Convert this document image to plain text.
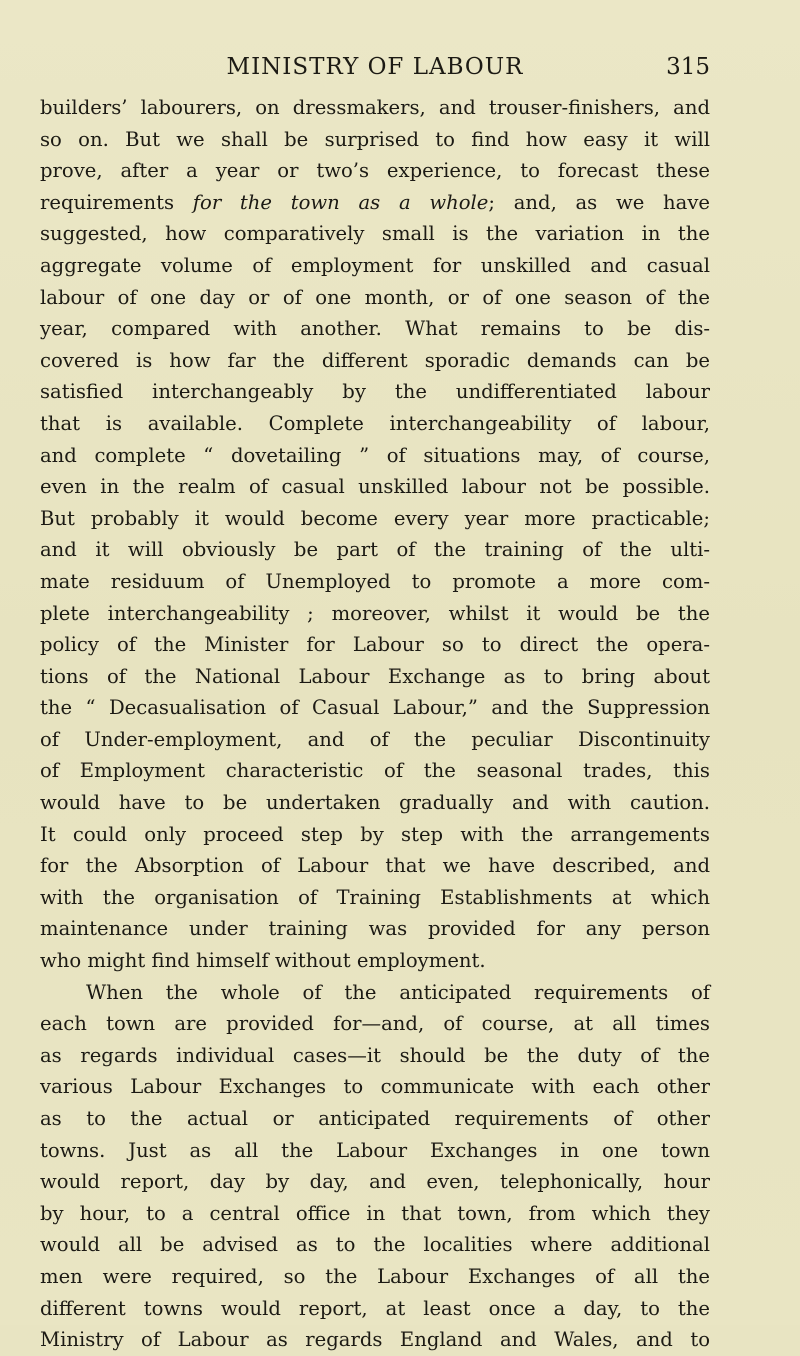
MINISTRY OF LABOUR	315
builders’ labourers, on dressmakers, and trouser-finishers, and
so on. But we shall be surprised to find how easy it will
prove, after a year or two’s experience, to forecast these
requirements for the town as a whole; and, as we have
suggested, how comparatively small is the variation in the
aggregate volume of employment for unskilled and casual
labour of one day or of one month, or of one season of the
year, compared with another. What remains to be dis-
covered is how far the different sporadic demands can be
satisfied interchangeably by the undifferentiated labour
that is available. Complete interchangeability of labour,
and complete “ dovetailing ” of situations may, of course,
even in the realm of casual unskilled labour not be possible.
But probably it would become every year more practicable;
and it will obviously be part of the training of the ulti-
mate residuum of Unemployed to promote a more com-
plete interchangeability ; moreover, whilst it would be the
policy of the Minister for Labour so to direct the opera-
tions of the National Labour Exchange as to bring about
the “ Decasualisation of Casual Labour,” and the Suppression
of Under-employment, and of the peculiar Discontinuity
of Employment characteristic of the seasonal trades, this
would have to be undertaken gradually and with caution.
It could only proceed step by step with the arrangements
for the Absorption of Labour that we have described, and
with the organisation of Training Establishments at which
maintenance under training was provided for any person
who might find himself without employment.
When the whole of the anticipated requirements of
each town are provided for—and, of course, at all times
as regards individual cases—it should be the duty of the
various Labour Exchanges to communicate with each other
as to the actual or anticipated requirements of other
towns. Just as all the Labour Exchanges in one town
would report, day by day, and even, telephonically, hour
by hour, to a central office in that town, from which they
would all be advised as to the localities where additional
men were required, so the Labour Exchanges of all the
different towns would report, at least once a day, to the
Ministry of Labour as regards England and Wales, and to
